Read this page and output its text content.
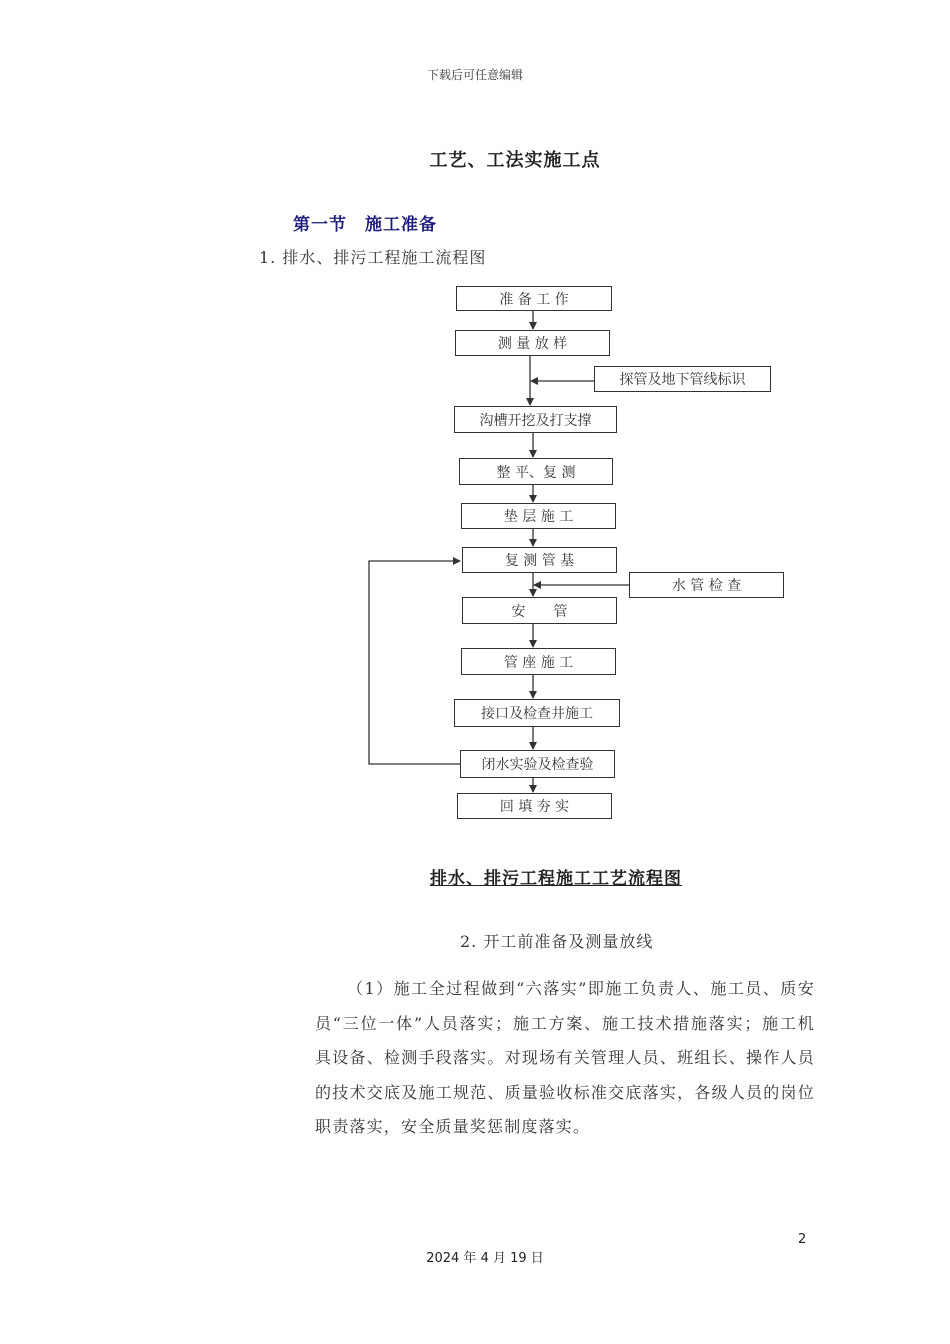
下载后可任意编辑
工艺、工法实施工点
第一节　施工准备
1. 排水、排污工程施工流程图
准 备 工 作
测 量 放 样
探管及地下管线标识
沟槽开挖及打支撑
整 平、复 测
垫 层 施 工
复 测 管 基
水 管 检 查
安　　管
管 座 施 工
接口及检查井施工
闭水实验及检查验
回 填 夯 实
排水、排污工程施工工艺流程图
2. 开工前准备及测量放线
（1）施工全过程做到“六落实”即施工负责人、施工员、质安员“三位一体”人员落实；施工方案、施工技术措施落实；施工机具设备、检测手段落实。对现场有关管理人员、班组长、操作人员的技术交底及施工规范、质量验收标准交底落实，各级人员的岗位职责落实，安全质量奖惩制度落实。
2
2024 年 4 月 19 日
